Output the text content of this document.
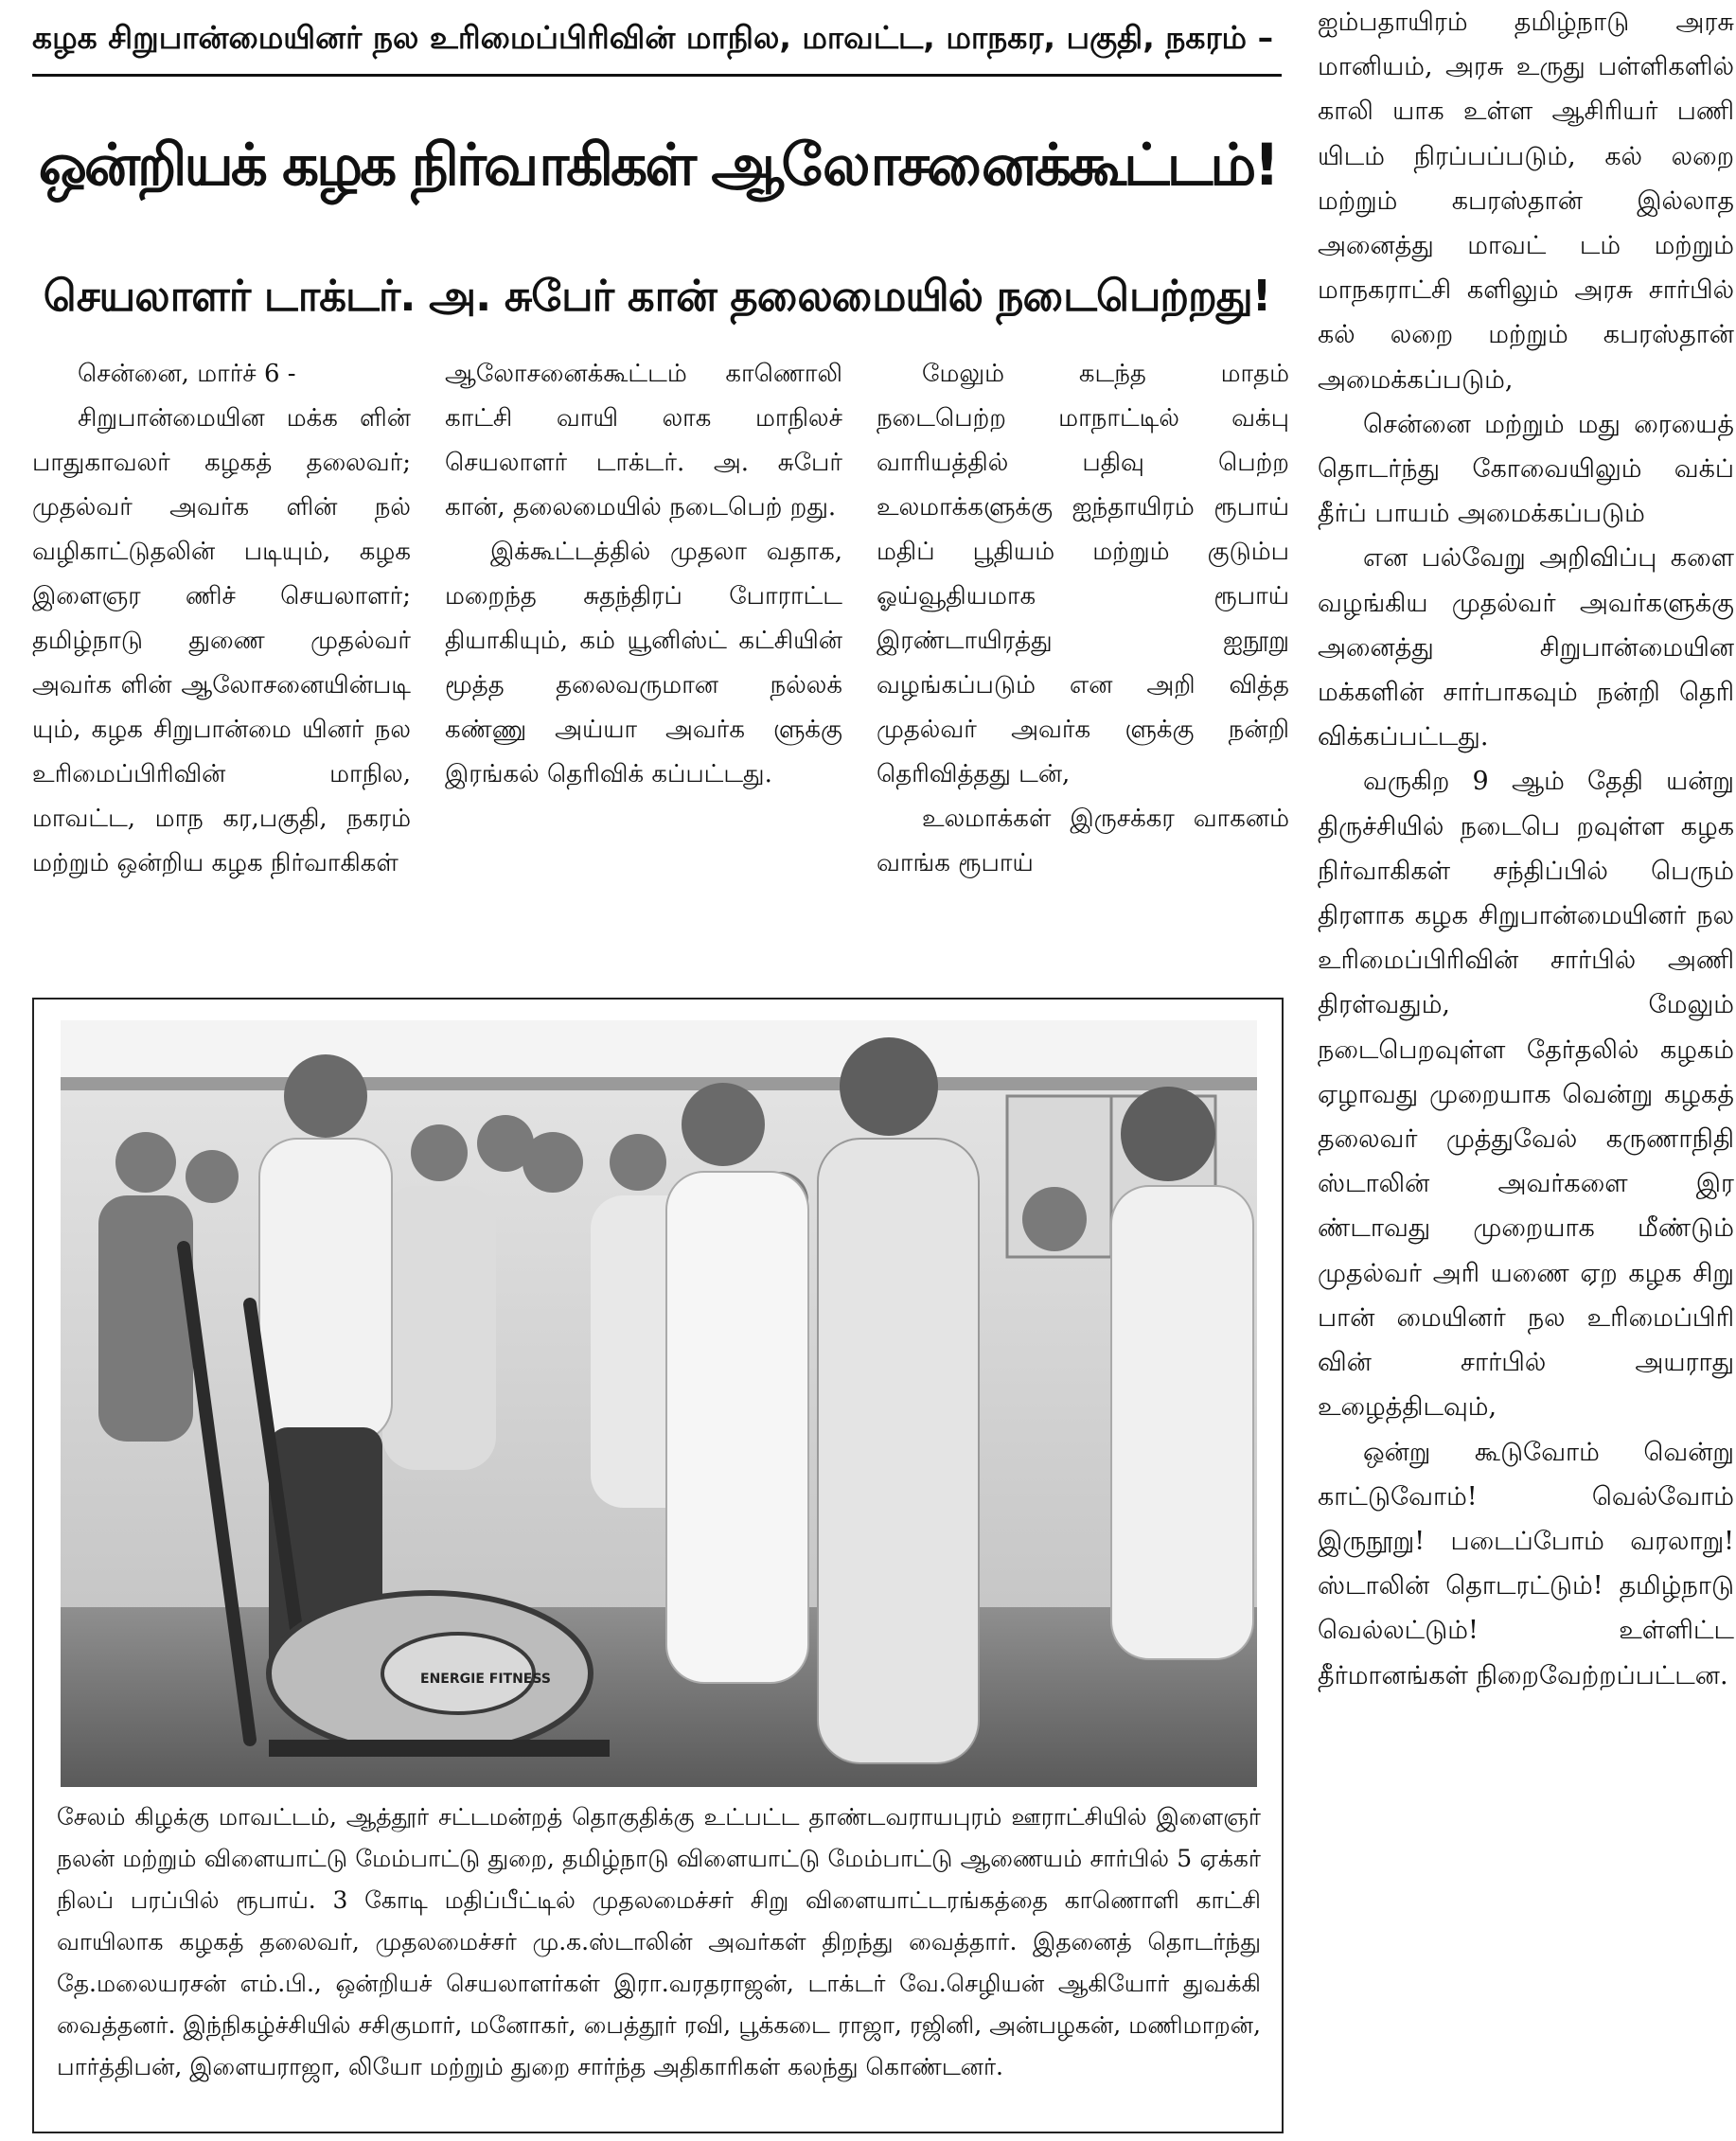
கழக சிறுபான்மையினர் நல உரிமைப்பிரிவின் மாநில, மாவட்ட, மாநகர, பகுதி, நகரம் –
ஒன்றியக் கழக நிர்வாகிகள் ஆலோசனைக்கூட்டம்!
செயலாளர் டாக்டர். அ. சுபேர் கான் தலைமையில் நடைபெற்றது!

சென்னை, மார்ச் 6 -

சிறுபான்மையின மக்க ளின் பாதுகாவலர் கழகத் தலைவர்; முதல்வர் அவர்க ளின் நல் வழிகாட்டுதலின் படியும், கழக இளைஞர ணிச் செயலாளர்; தமிழ்நாடு துணை முதல்வர் அவர்க ளின் ஆலோசனையின்படி யும், கழக சிறுபான்மை யினர் நல உரிமைப்பிரிவின் மாநில, மாவட்ட, மாந கர,பகுதி, நகரம் மற்றும் ஒன்றிய கழக நிர்வாகிகள்

ஆலோசனைக்கூட்டம் காணொலி காட்சி வாயி லாக மாநிலச் செயலாளர் டாக்டர். அ. சுபேர் கான், தலைமையில் நடைபெற் றது.

இக்கூட்டத்தில் முதலா வதாக, மறைந்த சுதந்திரப் போராட்ட தியாகியும், கம் யூனிஸ்ட் கட்சியின் மூத்த தலைவருமான நல்லக் கண்ணு அய்யா அவர்க ளுக்கு இரங்கல் தெரிவிக் கப்பட்டது.

மேலும் கடந்த மாதம் நடைபெற்ற மாநாட்டில் வக்பு வாரியத்தில் பதிவு பெற்ற உலமாக்களுக்கு ஐந்தாயிரம் ரூபாய் மதிப் பூதியம் மற்றும் குடும்ப ஓய்வூதியமாக ரூபாய் இரண்டாயிரத்து ஐநூறு வழங்கப்படும் என அறி வித்த முதல்வர் அவர்க ளுக்கு நன்றி தெரிவித்தது டன்,

உலமாக்கள் இருசக்கர வாகனம் வாங்க ரூபாய்

ஐம்பதாயிரம் தமிழ்நாடு அரசு மானியம், அரசு உருது பள்ளிகளில் காலி யாக உள்ள ஆசிரியர் பணி யிடம் நிரப்பப்படும், கல் லறை மற்றும் கபரஸ்தான் இல்லாத அனைத்து மாவட் டம் மற்றும் மாநகராட்சி களிலும் அரசு சார்பில் கல் லறை மற்றும் கபரஸ்தான் அமைக்கப்படும்,

சென்னை மற்றும் மது ரையைத் தொடர்ந்து கோவையிலும் வக்ப் தீர்ப் பாயம் அமைக்கப்படும்

என பல்வேறு அறிவிப்பு களை வழங்கிய முதல்வர் அவர்களுக்கு அனைத்து சிறுபான்மையின மக்களின் சார்பாகவும் நன்றி தெரி விக்கப்பட்டது.

வருகிற 9 ஆம் தேதி யன்று திருச்சியில் நடைபெ றவுள்ள கழக நிர்வாகிகள் சந்திப்பில் பெரும் திரளாக கழக சிறுபான்மையினர் நல உரிமைப்பிரிவின் சார்பில் அணி திரள்வதும், மேலும் நடைபெறவுள்ள தேர்தலில் கழகம் ஏழாவது முறையாக வென்று கழகத் தலைவர் முத்துவேல் கருணாநிதி ஸ்டாலின் அவர்களை இர ண்டாவது முறையாக மீண்டும் முதல்வர் அரி யணை ஏற கழக சிறு பான் மையினர் நல உரிமைப்பிரி வின் சார்பில் அயராது உழைத்திடவும்,

ஒன்று கூடுவோம் வென்று காட்டுவோம்! வெல்வோம் இருநூறு! படைப்போம் வரலாறு! ஸ்டாலின் தொடரட்டும்! தமிழ்நாடு வெல்லட்டும்! உள்ளிட்ட தீர்மானங்கள் நிறைவேற்றப்பட்டன.

ENERGIE FITNESS
சேலம் கிழக்கு மாவட்டம், ஆத்தூர் சட்டமன்றத் தொகுதிக்கு உட்பட்ட தாண்டவராயபுரம் ஊராட்சியில் இளைஞர் நலன் மற்றும் விளையாட்டு மேம்பாட்டு துறை, தமிழ்நாடு விளையாட்டு மேம்பாட்டு ஆணையம் சார்பில் 5 ஏக்கர் நிலப் பரப்பில் ரூபாய். 3 கோடி மதிப்பீட்டில் முதலமைச்சர் சிறு விளையாட்டரங்கத்தை காணொளி காட்சி வாயிலாக கழகத் தலைவர், முதலமைச்சர் மு.க.ஸ்டாலின் அவர்கள் திறந்து வைத்தார். இதனைத் தொடர்ந்து தே.மலையரசன் எம்.பி., ஒன்றியச் செயலாளர்கள் இரா.வரதராஜன், டாக்டர் வே.செழியன் ஆகியோர் துவக்கி வைத்தனர். இந்நிகழ்ச்சியில் சசிகுமார், மனோகர், பைத்தூர் ரவி, பூக்கடை ராஜா, ரஜினி, அன்பழகன், மணிமாறன், பார்த்திபன், இளையராஜா, லியோ மற்றும் துறை சார்ந்த அதிகாரிகள் கலந்து கொண்டனர்.
